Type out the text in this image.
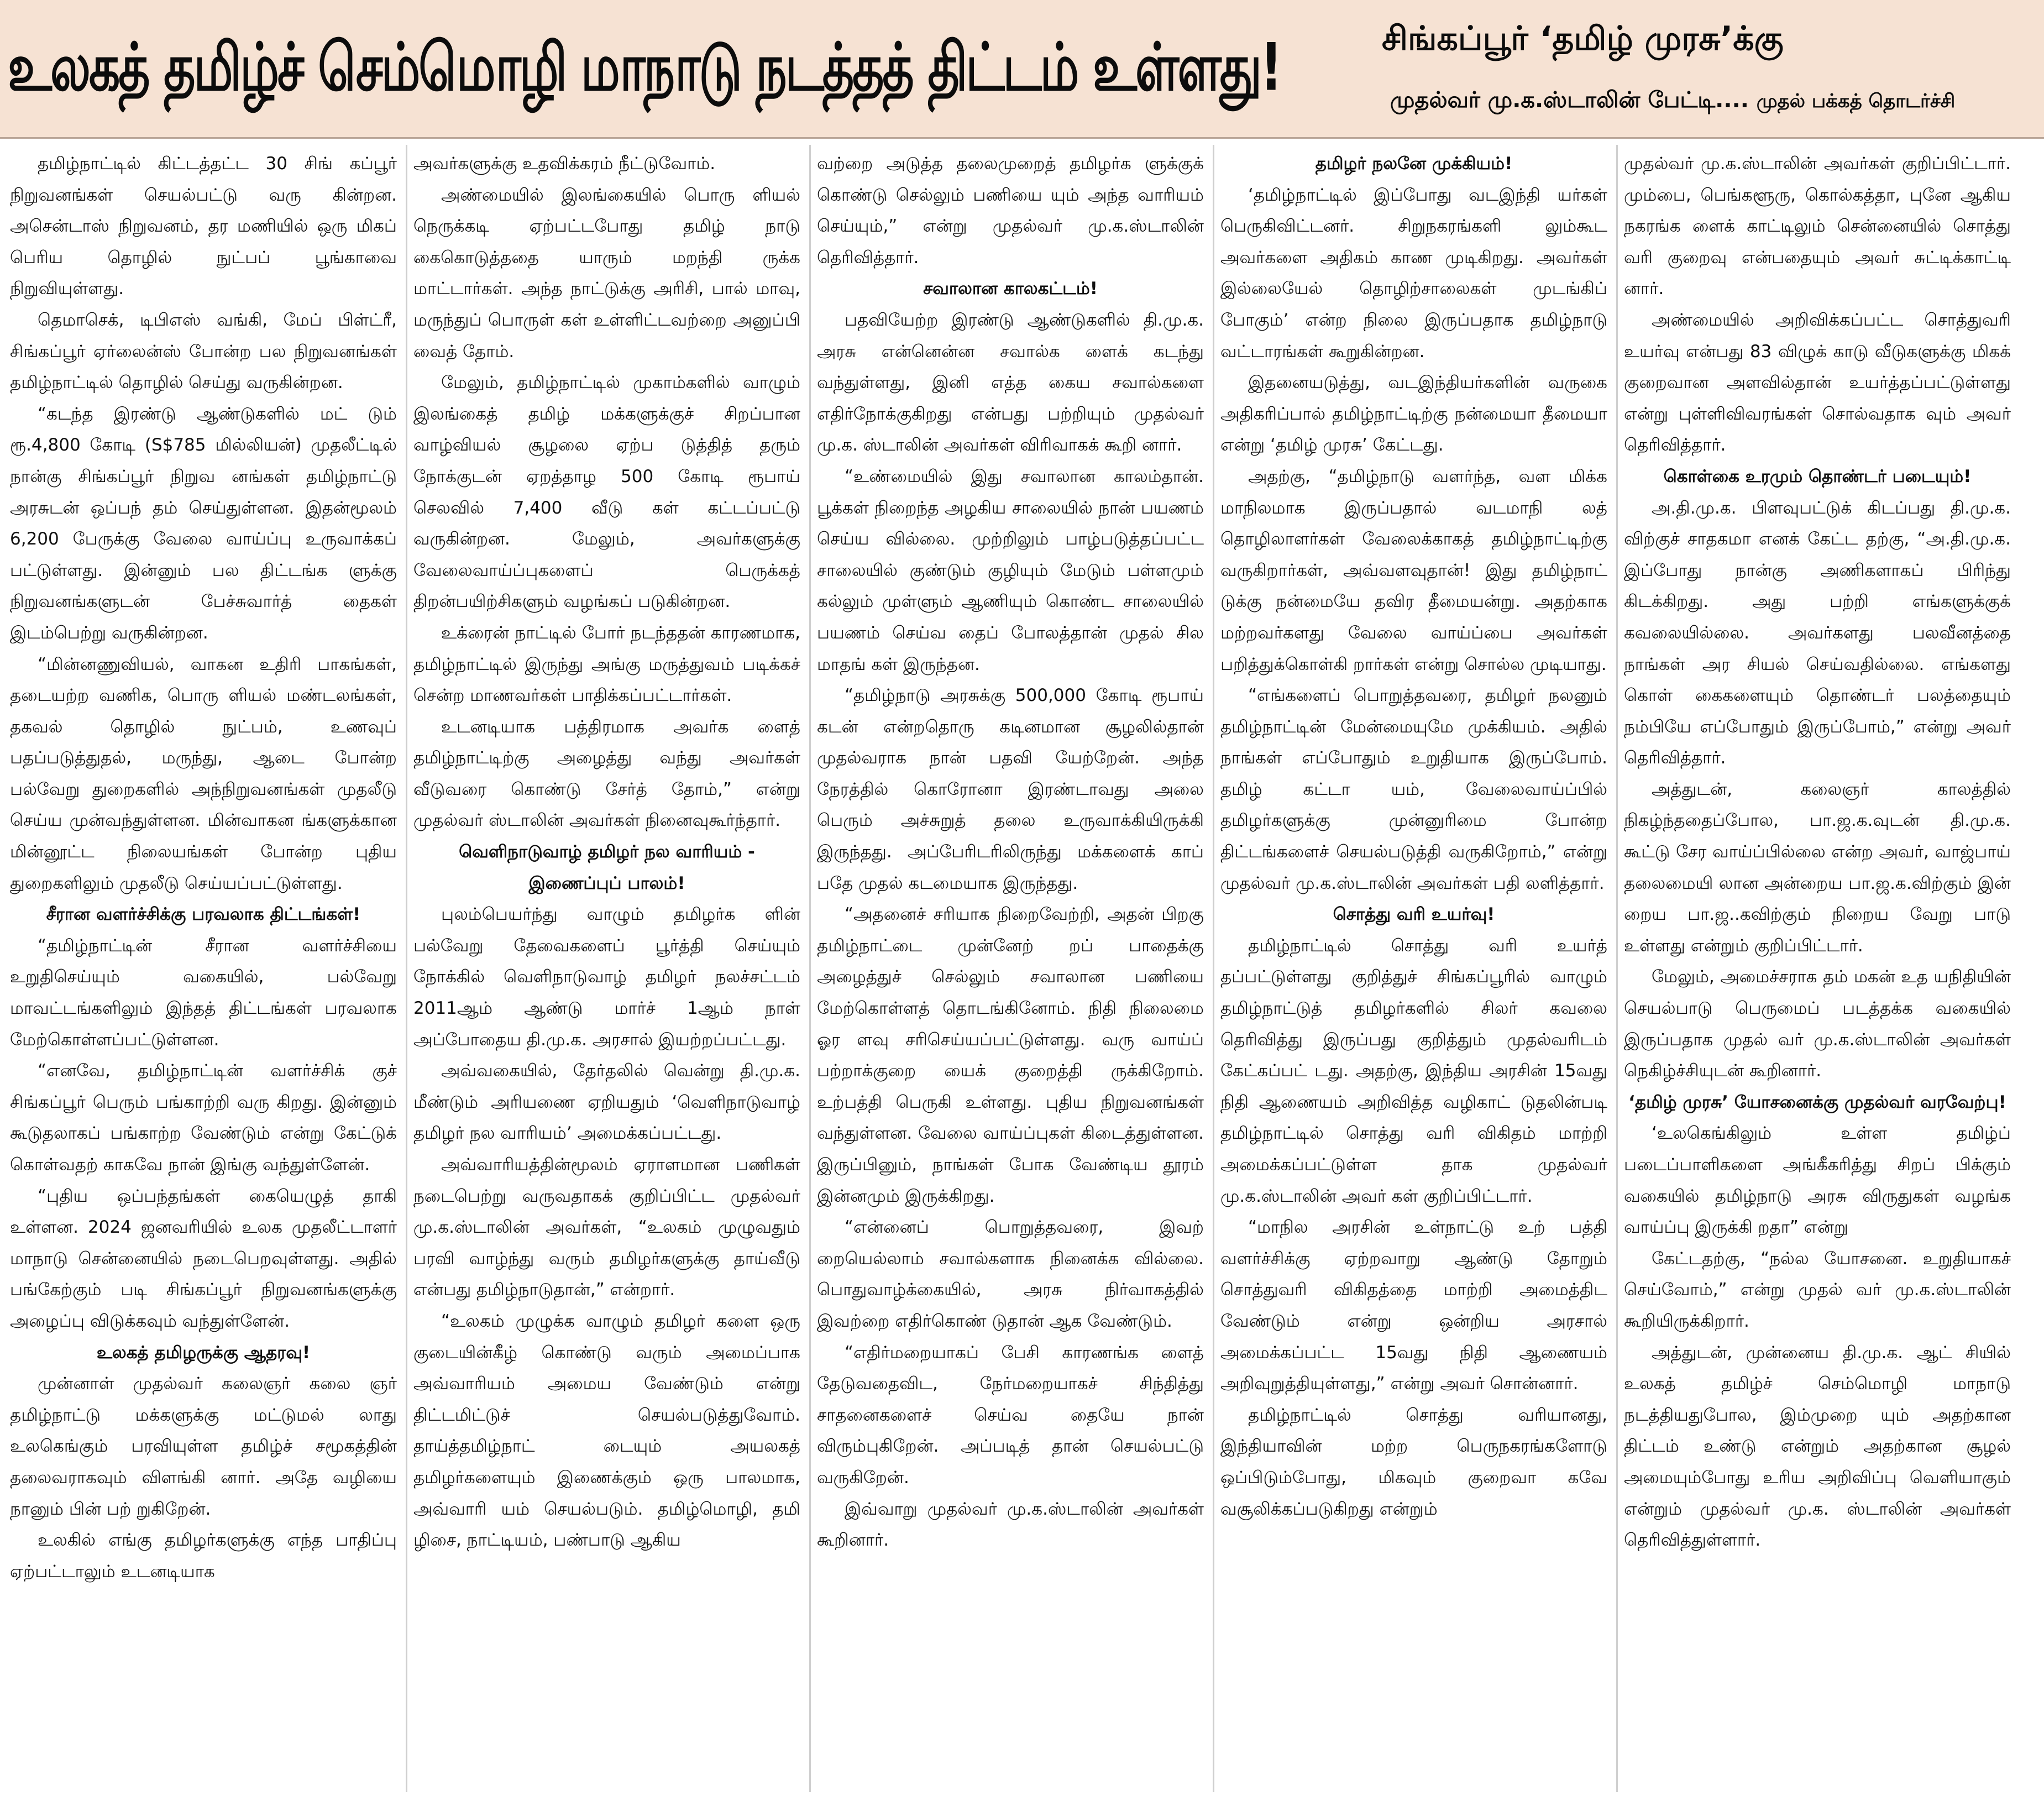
உலகத் தமிழ்ச் செம்மொழி மாநாடு நடத்தத் திட்டம் உள்ளது!	சிங்கப்பூர் ‘தமிழ் முரசு’க்கு
முதல்வர் மு.க.ஸ்டாலின் பேட்டி.... முதல் பக்கத் தொடர்ச்சி

தமிழ்நாட்டில் கிட்டத்தட்ட 30 சிங் கப்பூர் நிறுவனங்கள் செயல்பட்டு வரு கின்றன. அசென்டாஸ் நிறுவனம், தர மணியில் ஒரு மிகப் பெரிய தொழில் நுட்பப் பூங்காவை நிறுவியுள்ளது.

தெமாசெக், டிபிஎஸ் வங்கி, மேப் பிள்ட்ரீ, சிங்கப்பூர் ஏர்லைன்ஸ் போன்ற பல நிறுவனங்கள் தமிழ்நாட்டில் தொழில் செய்து வருகின்றன.

“கடந்த இரண்டு ஆண்டுகளில் மட் டும் ரூ.4,800 கோடி (S$785 மில்லியன்) முதலீட்டில் நான்கு சிங்கப்பூர் நிறுவ னங்கள் தமிழ்நாட்டு அரசுடன் ஒப்பந் தம் செய்துள்ளன. இதன்மூலம் 6,200 பேருக்கு வேலை வாய்ப்பு உருவாக்கப் பட்டுள்ளது. இன்னும் பல திட்டங்க ளுக்கு நிறுவனங்களுடன் பேச்சுவார்த் தைகள் இடம்பெற்று வருகின்றன.

“மின்னணுவியல், வாகன உதிரி பாகங்கள், தடையற்ற வணிக, பொரு ளியல் மண்டலங்கள், தகவல் தொழில் நுட்பம், உணவுப் பதப்படுத்துதல், மருந்து, ஆடை போன்ற பல்வேறு துறைகளில் அந்நிறுவனங்கள் முதலீடு செய்ய முன்வந்துள்ளன. மின்வாகன ங்களுக்கான மின்னூட்ட நிலையங்கள் போன்ற புதிய துறைகளிலும் முதலீடு செய்யப்பட்டுள்ளது.

சீரான வளர்ச்சிக்கு பரவலாக திட்டங்கள்!

“தமிழ்நாட்டின் சீரான வளர்ச்சியை உறுதிசெய்யும் வகையில், பல்வேறு மாவட்டங்களிலும் இந்தத் திட்டங்கள் பரவலாக மேற்கொள்ளப்பட்டுள்ளன.

“எனவே, தமிழ்நாட்டின் வளர்ச்சிக் குச் சிங்கப்பூர் பெரும் பங்காற்றி வரு கிறது. இன்னும் கூடுதலாகப் பங்காற்ற வேண்டும் என்று கேட்டுக் கொள்வதற் காகவே நான் இங்கு வந்துள்ளேன்.

“புதிய ஒப்பந்தங்கள் கையெழுத் தாகி உள்ளன. 2024 ஜனவரியில் உலக முதலீட்டாளர் மாநாடு சென்னையில் நடைபெறவுள்ளது. அதில் பங்கேற்கும் படி சிங்கப்பூர் நிறுவனங்களுக்கு அழைப்பு விடுக்கவும் வந்துள்ளேன்.

உலகத் தமிழருக்கு ஆதரவு!

முன்னாள் முதல்வர் கலைஞர் கலை ஞர் தமிழ்நாட்டு மக்களுக்கு மட்டுமல் லாது உலகெங்கும் பரவியுள்ள தமிழ்ச் சமூகத்தின் தலைவராகவும் விளங்கி னார். அதே வழியை நானும் பின் பற் றுகிறேன்.

உலகில் எங்கு தமிழர்களுக்கு எந்த பாதிப்பு ஏற்பட்டாலும் உடனடியாக

அவர்களுக்கு உதவிக்கரம் நீட்டுவோம்.

அண்மையில் இலங்கையில் பொரு ளியல் நெருக்கடி ஏற்பட்டபோது தமிழ் நாடு கைகொடுத்ததை யாரும் மறந்தி ருக்க மாட்டார்கள். அந்த நாட்டுக்கு அரிசி, பால் மாவு, மருந்துப் பொருள் கள் உள்ளிட்டவற்றை அனுப்பி வைத் தோம்.

மேலும், தமிழ்நாட்டில் முகாம்களில் வாழும் இலங்கைத் தமிழ் மக்களுக்குச் சிறப்பான வாழ்வியல் சூழலை ஏற்ப டுத்தித் தரும் நோக்குடன் ஏறத்தாழ 500 கோடி ரூபாய் செலவில் 7,400 வீடு கள் கட்டப்பட்டு வருகின்றன. மேலும், அவர்களுக்கு வேலைவாய்ப்புகளைப் பெருக்கத் திறன்பயிற்சிகளும் வழங்கப் படுகின்றன.

உக்ரைன் நாட்டில் போர் நடந்ததன் காரணமாக, தமிழ்நாட்டில் இருந்து அங்கு மருத்துவம் படிக்கச் சென்ற மாணவர்கள் பாதிக்கப்பட்டார்கள்.

உடனடியாக பத்திரமாக அவர்க ளைத் தமிழ்நாட்டிற்கு அழைத்து வந்து அவர்கள் வீடுவரை கொண்டு சேர்த் தோம்,” என்று முதல்வர் ஸ்டாலின் அவர்கள் நினைவுகூர்ந்தார்.

வெளிநாடுவாழ் தமிழர் நல வாரியம் - இணைப்புப் பாலம்!

புலம்பெயர்ந்து வாழும் தமிழர்க ளின் பல்வேறு தேவைகளைப் பூர்த்தி செய்யும் நோக்கில் வெளிநாடுவாழ் தமிழர் நலச்சட்டம் 2011ஆம் ஆண்டு மார்ச் 1ஆம் நாள் அப்போதைய தி.மு.க. அரசால் இயற்றப்பட்டது.

அவ்வகையில், தேர்தலில் வென்று தி.மு.க. மீண்டும் அரியணை ஏறியதும் ‘வெளிநாடுவாழ் தமிழர் நல வாரியம்’ அமைக்கப்பட்டது.

அவ்வாரியத்தின்மூலம் ஏராளமான பணிகள் நடைபெற்று வருவதாகக் குறிப்பிட்ட முதல்வர் மு.க.ஸ்டாலின் அவர்கள், “உலகம் முழுவதும் பரவி வாழ்ந்து வரும் தமிழர்களுக்கு தாய்வீடு என்பது தமிழ்நாடுதான்,” என்றார்.

“உலகம் முழுக்க வாழும் தமிழர் களை ஒரு குடையின்கீழ் கொண்டு வரும் அமைப்பாக அவ்வாரியம் அமைய வேண்டும் என்று திட்டமிட்டுச் செயல்படுத்துவோம். தாய்த்தமிழ்நாட் டையும் அயலகத் தமிழர்களையும் இணைக்கும் ஒரு பாலமாக, அவ்வாரி யம் செயல்படும். தமிழ்மொழி, தமி ழிசை, நாட்டியம், பண்பாடு ஆகிய

வற்றை அடுத்த தலைமுறைத் தமிழர்க ளுக்குக் கொண்டு செல்லும் பணியை யும் அந்த வாரியம் செய்யும்,” என்று முதல்வர் மு.க.ஸ்டாலின் தெரிவித்தார்.

சவாலான காலகட்டம்!

பதவியேற்ற இரண்டு ஆண்டுகளில் தி.மு.க. அரசு என்னென்ன சவால்க ளைக் கடந்து வந்துள்ளது, இனி எத்த கைய சவால்களை எதிர்நோக்குகிறது என்பது பற்றியும் முதல்வர் மு.க. ஸ்டாலின் அவர்கள் விரிவாகக் கூறி னார்.

“உண்மையில் இது சவாலான காலம்தான். பூக்கள் நிறைந்த அழகிய சாலையில் நான் பயணம் செய்ய வில்லை. முற்றிலும் பாழ்படுத்தப்பட்ட சாலையில் குண்டும் குழியும் மேடும் பள்ளமும் கல்லும் முள்ளும் ஆணியும் கொண்ட சாலையில் பயணம் செய்வ தைப் போலத்தான் முதல் சில மாதங் கள் இருந்தன.

“தமிழ்நாடு அரசுக்கு 500,000 கோடி ரூபாய் கடன் என்றதொரு கடினமான சூழலில்தான் முதல்வராக நான் பதவி யேற்றேன். அந்த நேரத்தில் கொரோனா இரண்டாவது அலை பெரும் அச்சுறுத் தலை உருவாக்கியிருக்கி இருந்தது. அப்பேரிடரிலிருந்து மக்களைக் காப் பதே முதல் கடமையாக இருந்தது.

“அதனைச் சரியாக நிறைவேற்றி, அதன் பிறகு தமிழ்நாட்டை முன்னேற் றப் பாதைக்கு அழைத்துச் செல்லும் சவாலான பணியை மேற்கொள்ளத் தொடங்கினோம். நிதி நிலைமை ஓர ளவு சரிசெய்யப்பட்டுள்ளது. வரு வாய்ப் பற்றாக்குறை யைக் குறைத்தி ருக்கிறோம். உற்பத்தி பெருகி உள்ளது. புதிய நிறுவனங்கள் வந்துள்ளன. வேலை வாய்ப்புகள் கிடைத்துள்ளன. இருப்பினும், நாங்கள் போக வேண்டிய தூரம் இன்னமும் இருக்கிறது.

“என்னைப் பொறுத்தவரை, இவற் றையெல்லாம் சவால்களாக நினைக்க வில்லை. பொதுவாழ்க்கையில், அரசு நிர்வாகத்தில் இவற்றை எதிர்கொண் டுதான் ஆக வேண்டும்.

“எதிர்மறையாகப் பேசி காரணங்க ளைத் தேடுவதைவிட, நேர்மறையாகச் சிந்தித்து சாதனைகளைச் செய்வ தையே நான் விரும்புகிறேன். அப்படித் தான் செயல்பட்டு வருகிறேன்.

இவ்வாறு முதல்வர் மு.க.ஸ்டாலின் அவர்கள் கூறினார்.

தமிழர் நலனே முக்கியம்!

‘தமிழ்நாட்டில் இப்போது வடஇந்தி யர்கள் பெருகிவிட்டனர். சிறுநகரங்களி லும்கூட அவர்களை அதிகம் காண முடிகிறது. அவர்கள் இல்லையேல் தொழிற்சாலைகள் முடங்கிப் போகும்’ என்ற நிலை இருப்பதாக தமிழ்நாடு வட்டாரங்கள் கூறுகின்றன.

இதனையடுத்து, வடஇந்தியர்களின் வருகை அதிகரிப்பால் தமிழ்நாட்டிற்கு நன்மையா தீமையா என்று ‘தமிழ் முரசு’ கேட்டது.

அதற்கு, “தமிழ்நாடு வளர்ந்த, வள மிக்க மாநிலமாக இருப்பதால் வடமாநி லத் தொழிலாளர்கள் வேலைக்காகத் தமிழ்நாட்டிற்கு வருகிறார்கள், அவ்வளவுதான்! இது தமிழ்நாட் டுக்கு நன்மையே தவிர தீமையன்று. அதற்காக மற்றவர்களது வேலை வாய்ப்பை அவர்கள் பறித்துக்கொள்கி றார்கள் என்று சொல்ல முடியாது.

“எங்களைப் பொறுத்தவரை, தமிழர் நலனும் தமிழ்நாட்டின் மேன்மையுமே முக்கியம். அதில் நாங்கள் எப்போதும் உறுதியாக இருப்போம். தமிழ் கட்டா யம், வேலைவாய்ப்பில் தமிழர்களுக்கு முன்னுரிமை போன்ற திட்டங்களைச் செயல்படுத்தி வருகிறோம்,” என்று முதல்வர் மு.க.ஸ்டாலின் அவர்கள் பதி லளித்தார்.

சொத்து வரி உயர்வு!

தமிழ்நாட்டில் சொத்து வரி உயர்த் தப்பட்டுள்ளது குறித்துச் சிங்கப்பூரில் வாழும் தமிழ்நாட்டுத் தமிழர்களில் சிலர் கவலை தெரிவித்து இருப்பது குறித்தும் முதல்வரிடம் கேட்கப்பட் டது. அதற்கு, இந்திய அரசின் 15வது நிதி ஆணையம் அறிவித்த வழிகாட் டுதலின்படி தமிழ்நாட்டில் சொத்து வரி விகிதம் மாற்றி அமைக்கப்பட்டுள்ள தாக முதல்வர் மு.க.ஸ்டாலின் அவர் கள் குறிப்பிட்டார்.

“மாநில அரசின் உள்நாட்டு உற் பத்தி வளர்ச்சிக்கு ஏற்றவாறு ஆண்டு தோறும் சொத்துவரி விகிதத்தை மாற்றி அமைத்திட வேண்டும் என்று ஒன்றிய அரசால் அமைக்கப்பட்ட 15வது நிதி ஆணையம் அறிவுறுத்தியுள்ளது,” என்று அவர் சொன்னார்.

தமிழ்நாட்டில் சொத்து வரியானது, இந்தியாவின் மற்ற பெருநகரங்களோடு ஒப்பிடும்போது, மிகவும் குறைவா கவே வசூலிக்கப்படுகிறது என்றும்

முதல்வர் மு.க.ஸ்டாலின் அவர்கள் குறிப்பிட்டார். மும்பை, பெங்களூரு, கொல்கத்தா, புனே ஆகிய நகரங்க ளைக் காட்டிலும் சென்னையில் சொத்து வரி குறைவு என்பதையும் அவர் சுட்டிக்காட்டி னார்.

அண்மையில் அறிவிக்கப்பட்ட சொத்துவரி உயர்வு என்பது 83 விழுக் காடு வீடுகளுக்கு மிகக் குறைவான அளவில்தான் உயர்த்தப்பட்டுள்ளது என்று புள்ளிவிவரங்கள் சொல்வதாக வும் அவர் தெரிவித்தார்.

கொள்கை உரமும் தொண்டர் படையும்!

அ.தி.மு.க. பிளவுபட்டுக் கிடப்பது தி.மு.க. விற்குச் சாதகமா எனக் கேட்ட தற்கு, “அ.தி.மு.க. இப்போது நான்கு அணிகளாகப் பிரிந்து கிடக்கிறது. அது பற்றி எங்களுக்குக் கவலையில்லை. அவர்களது பலவீனத்தை நாங்கள் அர சியல் செய்வதில்லை. எங்களது கொள் கைகளையும் தொண்டர் பலத்தையும் நம்பியே எப்போதும் இருப்போம்,” என்று அவர் தெரிவித்தார்.

அத்துடன், கலைஞர் காலத்தில் நிகழ்ந்ததைப்போல, பா.ஜ.க.வுடன் தி.மு.க. கூட்டு சேர வாய்ப்பில்லை என்ற அவர், வாஜ்பாய் தலைமையி லான அன்றைய பா.ஜ.க.விற்கும் இன் றைய பா.ஜ..கவிற்கும் நிறைய வேறு பாடு உள்ளது என்றும் குறிப்பிட்டார்.

மேலும், அமைச்சராக தம் மகன் உத யநிதியின் செயல்பாடு பெருமைப் படத்தக்க வகையில் இருப்பதாக முதல் வர் மு.க.ஸ்டாலின் அவர்கள் நெகிழ்ச்சியுடன் கூறினார்.

‘தமிழ் முரசு’ யோசனைக்கு முதல்வர் வரவேற்பு!

‘உலகெங்கிலும் உள்ள தமிழ்ப் படைப்பாளிகளை அங்கீகரித்து சிறப் பிக்கும் வகையில் தமிழ்நாடு அரசு விருதுகள் வழங்க வாய்ப்பு இருக்கி றதா” என்று

கேட்டதற்கு, “நல்ல யோசனை. உறுதியாகச் செய்வோம்,” என்று முதல் வர் மு.க.ஸ்டாலின் கூறியிருக்கிறார்.

அத்துடன், முன்னைய தி.மு.க. ஆட் சியில் உலகத் தமிழ்ச் செம்மொழி மாநாடு நடத்தியதுபோல, இம்முறை யும் அதற்கான திட்டம் உண்டு என்றும் அதற்கான சூழல் அமையும்போது உரிய அறிவிப்பு வெளியாகும் என்றும் முதல்வர் மு.க. ஸ்டாலின் அவர்கள் தெரிவித்துள்ளார்.
